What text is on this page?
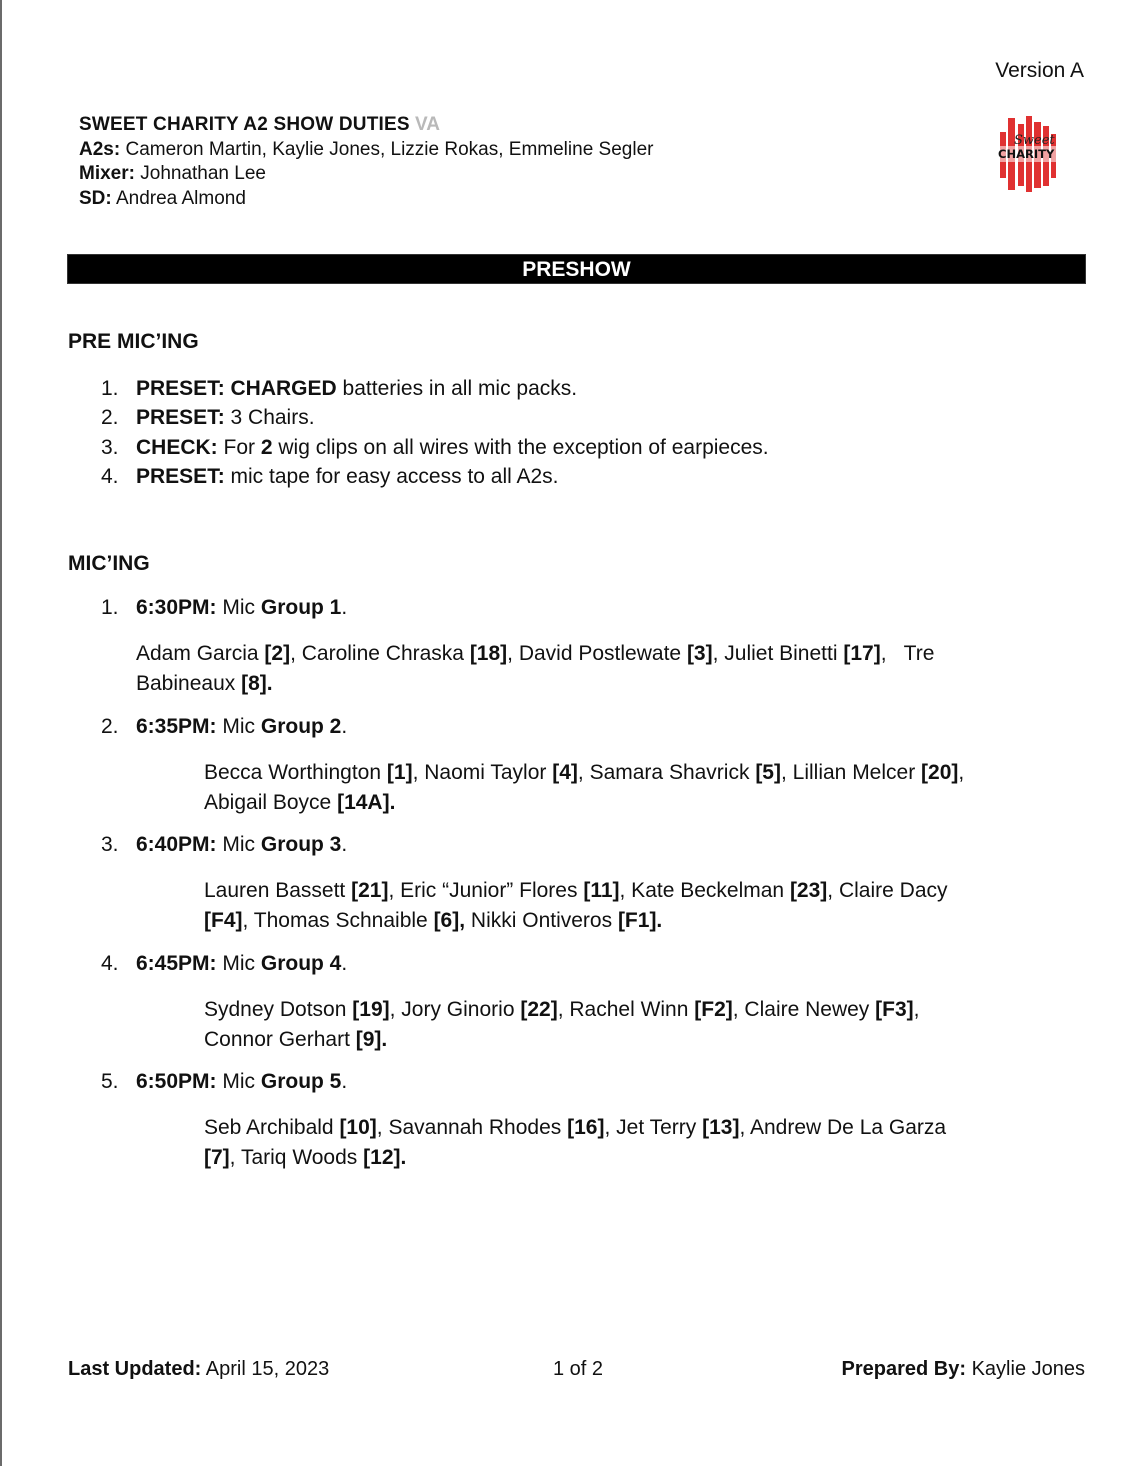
Version A
SWEET CHARITY A2 SHOW DUTIES VA
A2s: Cameron Martin, Kaylie Jones, Lizzie Rokas, Emmeline Segler
Mixer: Johnathan Lee
SD: Andrea Almond
Sweet
CHARITY
PRESHOW
PRE MIC’ING
1. PRESET: CHARGED batteries in all mic packs.
2. PRESET: 3 Chairs.
3. CHECK: For 2 wig clips on all wires with the exception of earpieces.
4. PRESET: mic tape for easy access to all A2s.
MIC’ING
1. 6:30PM: Mic Group 1.
Adam Garcia [2], Caroline Chraska [18], David Postlewate [3], Juliet Binetti [17],   Tre
Babineaux [8].
2. 6:35PM: Mic Group 2.
Becca Worthington [1], Naomi Taylor [4], Samara Shavrick [5], Lillian Melcer [20],
Abigail Boyce [14A].
3. 6:40PM: Mic Group 3.
Lauren Bassett [21], Eric “Junior” Flores [11], Kate Beckelman [23], Claire Dacy
[F4], Thomas Schnaible [6], Nikki Ontiveros [F1].
4. 6:45PM: Mic Group 4.
Sydney Dotson [19], Jory Ginorio [22], Rachel Winn [F2], Claire Newey [F3],
Connor Gerhart [9].
5. 6:50PM: Mic Group 5.
Seb Archibald [10], Savannah Rhodes [16], Jet Terry [13], Andrew De La Garza
[7], Tariq Woods [12].
Last Updated: April 15, 2023	1 of 2	Prepared By: Kaylie Jones
